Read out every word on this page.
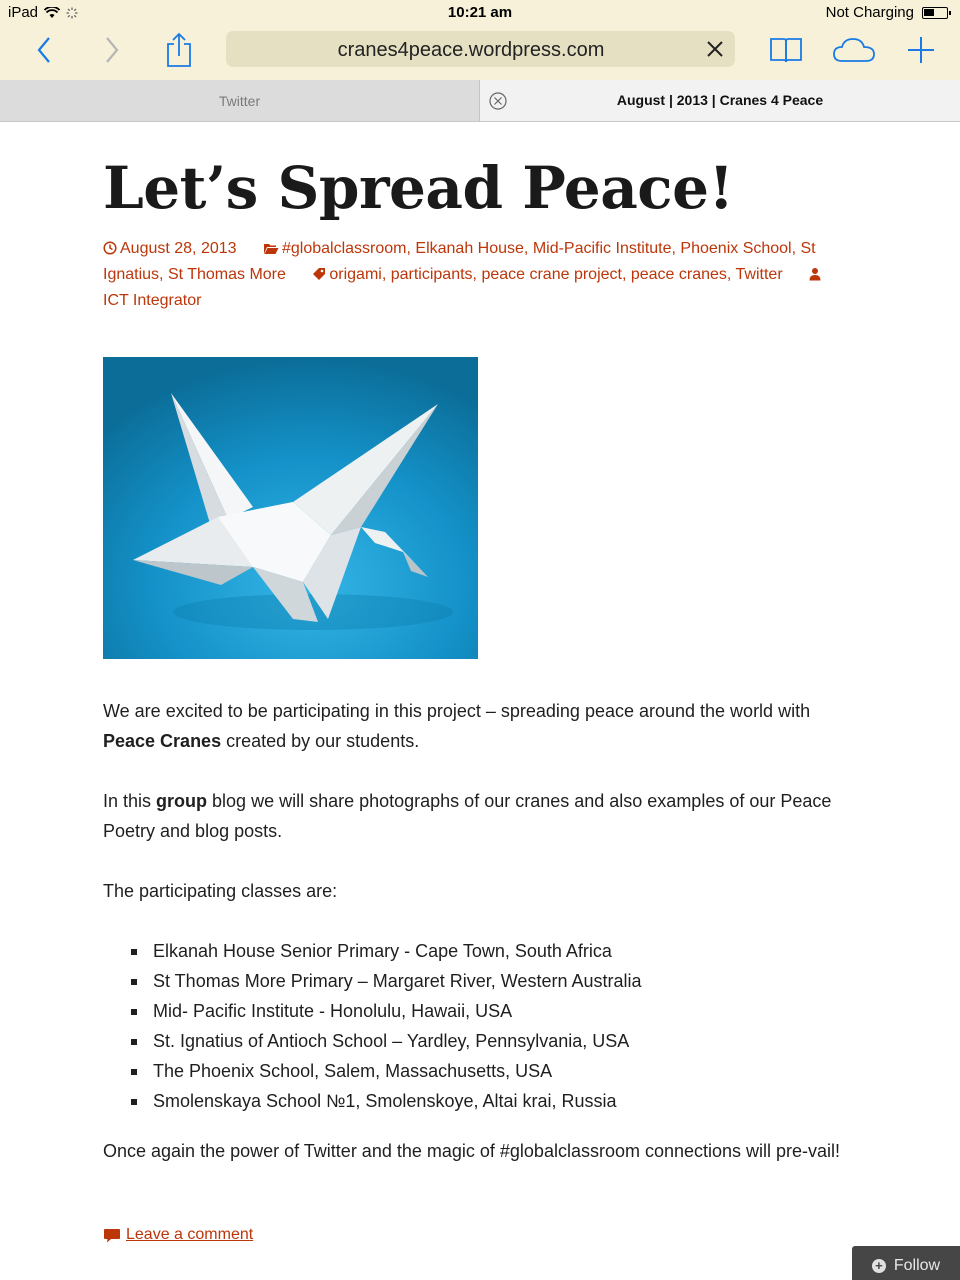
iPad	10:21 am	Not Charging
cranes4peace.wordpress.com
Twitter	August | 2013 | Cranes 4 Peace
Let’s Spread Peace!
August 28, 2013	#globalclassroom, Elkanah House, Mid-Pacific Institute, Phoenix School, St Ignatius, St Thomas More	origami, participants, peace crane project, peace cranes, Twitter ICT Integrator

We are excited to be participating in this project – spreading peace around the world with Peace Cranes created by our students.

In this group blog we will share photographs of our cranes and also examples of our Peace Poetry and blog posts.

The participating classes are:

Elkanah House Senior Primary - Cape Town, South Africa
St Thomas More Primary – Margaret River, Western Australia
Mid- Pacific Institute - Honolulu, Hawaii, USA
St. Ignatius of Antioch School – Yardley, Pennsylvania, USA
The Phoenix School, Salem, Massachusetts, USA
Smolenskaya School №1, Smolenskoye, Altai krai, Russia

Once again the power of Twitter and the magic of #globalclassroom connections will pre-vail!

Leave a comment
+ Follow
